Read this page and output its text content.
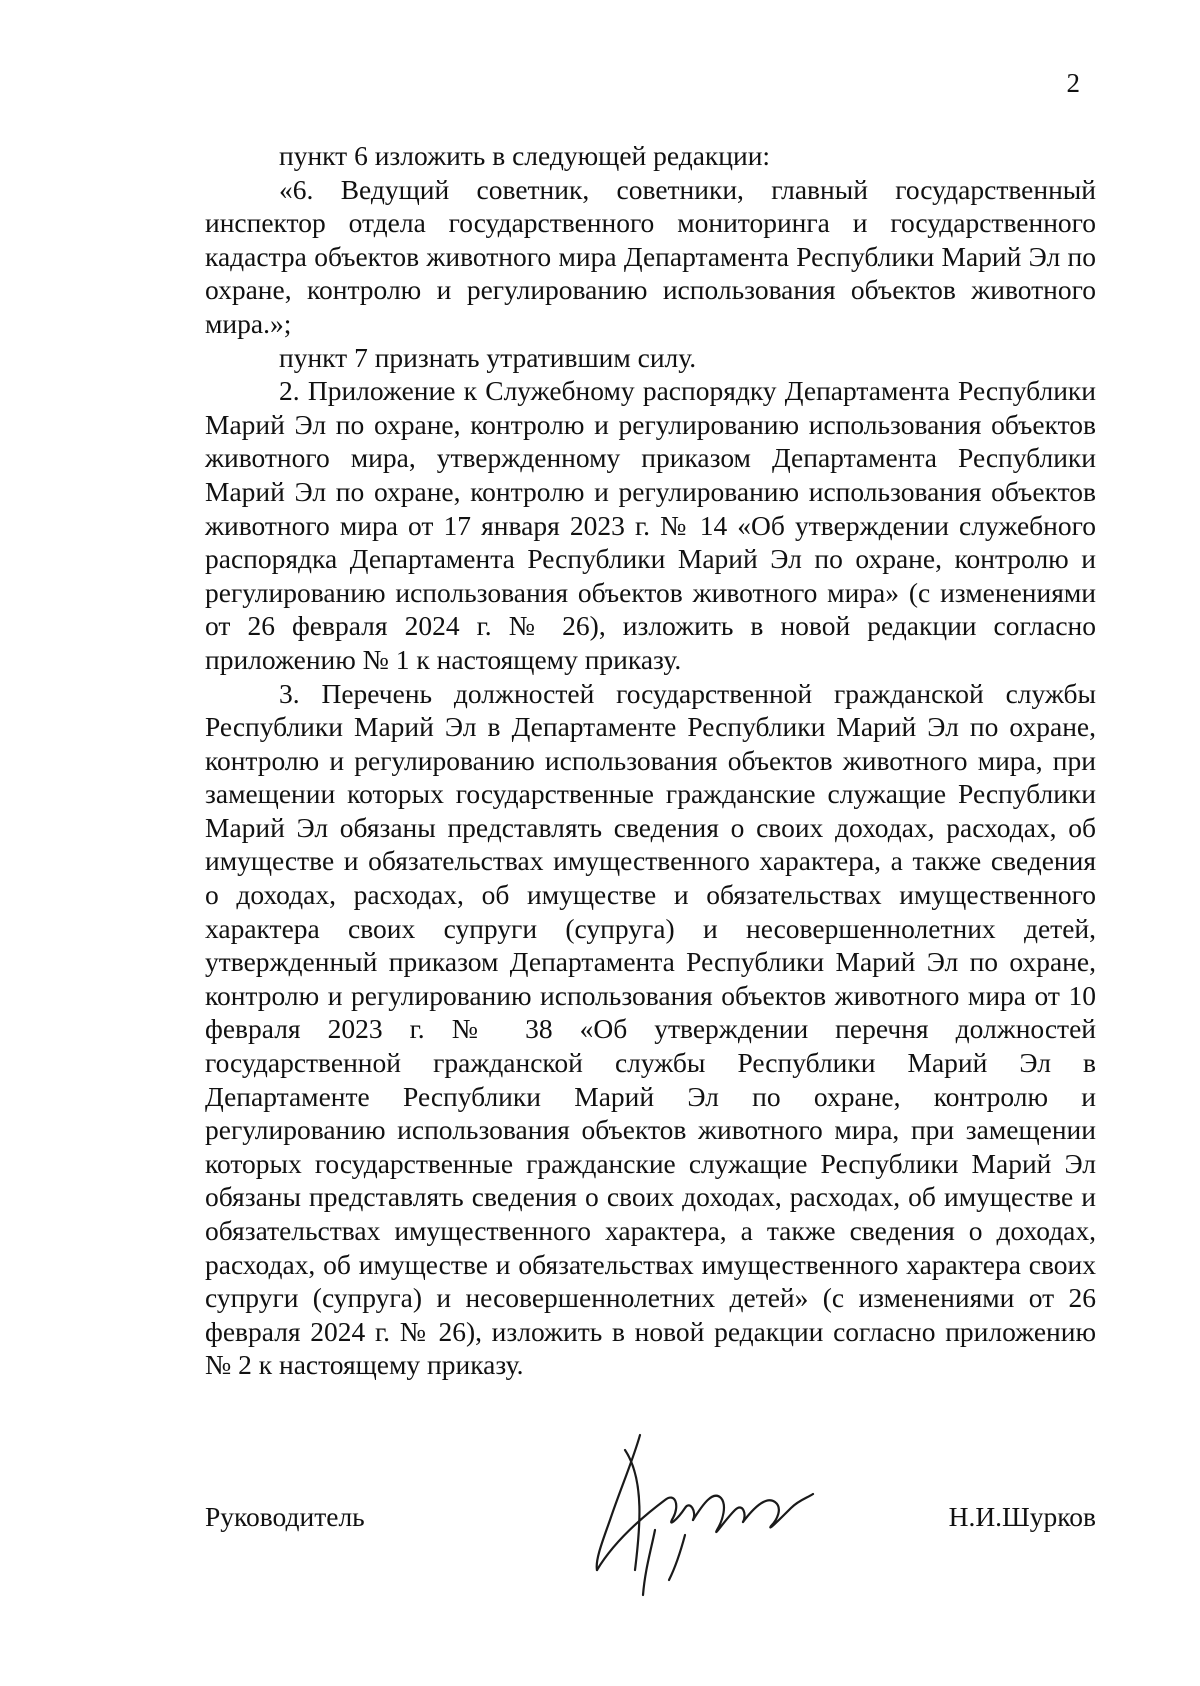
2

пункт 6 изложить в следующей редакции:

«6. Ведущий советник, советники, главный государственный инспектор отдела государственного мониторинга и государственного кадастра объектов животного мира Департамента Республики Марий Эл по охране, контролю и регулированию использования объектов животного мира.»;

пункт 7 признать утратившим силу.

2. Приложение к Служебному распорядку Департамента Республики Марий Эл по охране, контролю и регулированию использования объектов животного мира, утвержденному приказом Департамента Республики Марий Эл по охране, контролю и регулированию использования объектов животного мира от 17 января 2023 г. № 14 «Об утверждении служебного распорядка Департамента Республики Марий Эл по охране, контролю и регулированию использования объектов животного мира» (с изменениями от 26 февраля 2024 г. № 26), изложить в новой редакции согласно приложению № 1 к настоящему приказу.

3. Перечень должностей государственной гражданской службы Республики Марий Эл в Департаменте Республики Марий Эл по охране, контролю и регулированию использования объектов животного мира, при замещении которых государственные гражданские служащие Республики Марий Эл обязаны представлять сведения о своих доходах, расходах, об имуществе и обязательствах имущественного характера, а также сведения о доходах, расходах, об имуществе и обязательствах имущественного характера своих супруги (супруга) и несовершеннолетних детей, утвержденный приказом Департамента Республики Марий Эл по охране, контролю и регулированию использования объектов животного мира от 10 февраля 2023 г. № 38 «Об утверждении перечня должностей государственной гражданской службы Республики Марий Эл в Департаменте Республики Марий Эл по охране, контролю и регулированию использования объектов животного мира, при замещении которых государственные гражданские служащие Республики Марий Эл обязаны представлять сведения о своих доходах, расходах, об имуществе и обязательствах имущественного характера, а также сведения о доходах, расходах, об имуществе и обязательствах имущественного характера своих супруги (супруга) и несовершеннолетних детей» (с изменениями от 26 февраля 2024 г. № 26), изложить в новой редакции согласно приложению № 2 к настоящему приказу.

Руководитель	Н.И.Шурков
